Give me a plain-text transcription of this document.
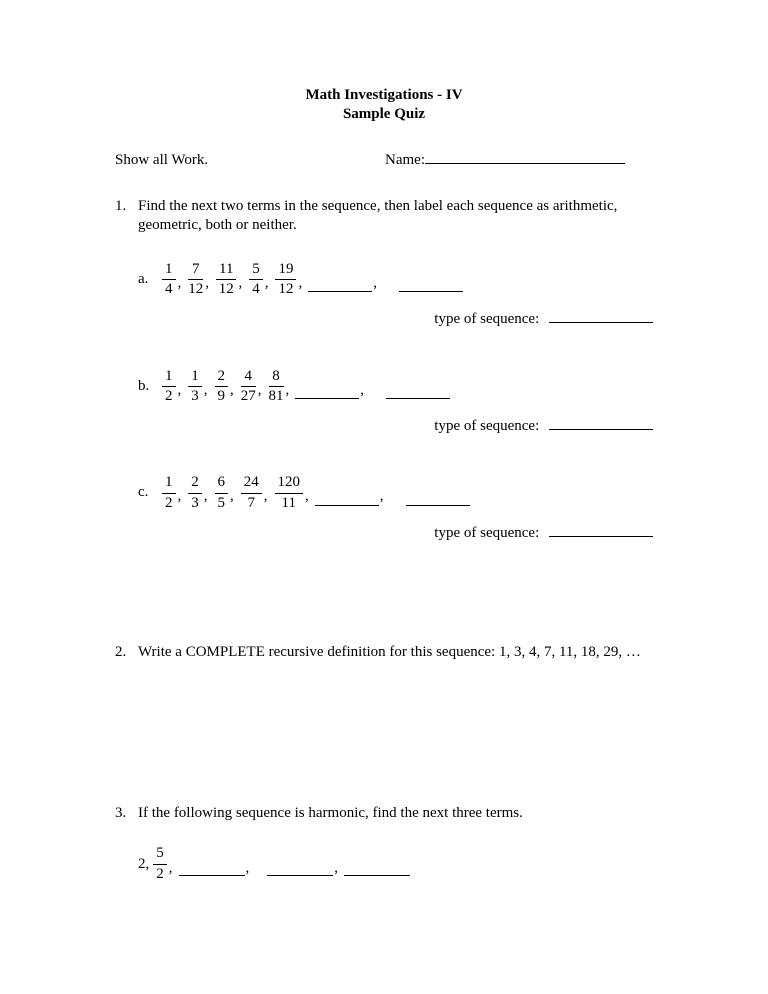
Math Investigations - IV
Sample Quiz
Show all Work.	Name:
1. Find the next two terms in the sequence, then label each sequence as arithmetic, geometric, both or neither.
a. $\frac{1}{4}$ , $\frac{7}{12}$ , $\frac{11}{12}$ , $\frac{5}{4}$ , $\frac{19}{12}$ ,	,
type of sequence:
b. $\frac{1}{2}$ , $\frac{1}{3}$ , $\frac{2}{9}$ , $\frac{4}{27}$ , $\frac{8}{81}$ ,	,
type of sequence:
c. $\frac{1}{2}$ , $\frac{2}{3}$ , $\frac{6}{5}$ , $\frac{24}{7}$ , $\frac{120}{11}$ ,	,
type of sequence:
2. Write a COMPLETE recursive definition for this sequence: 1, 3, 4, 7, 11, 18, 29, …
3. If the following sequence is harmonic, find the next three terms.
2, $\frac{5}{2}$ ,	,	,
